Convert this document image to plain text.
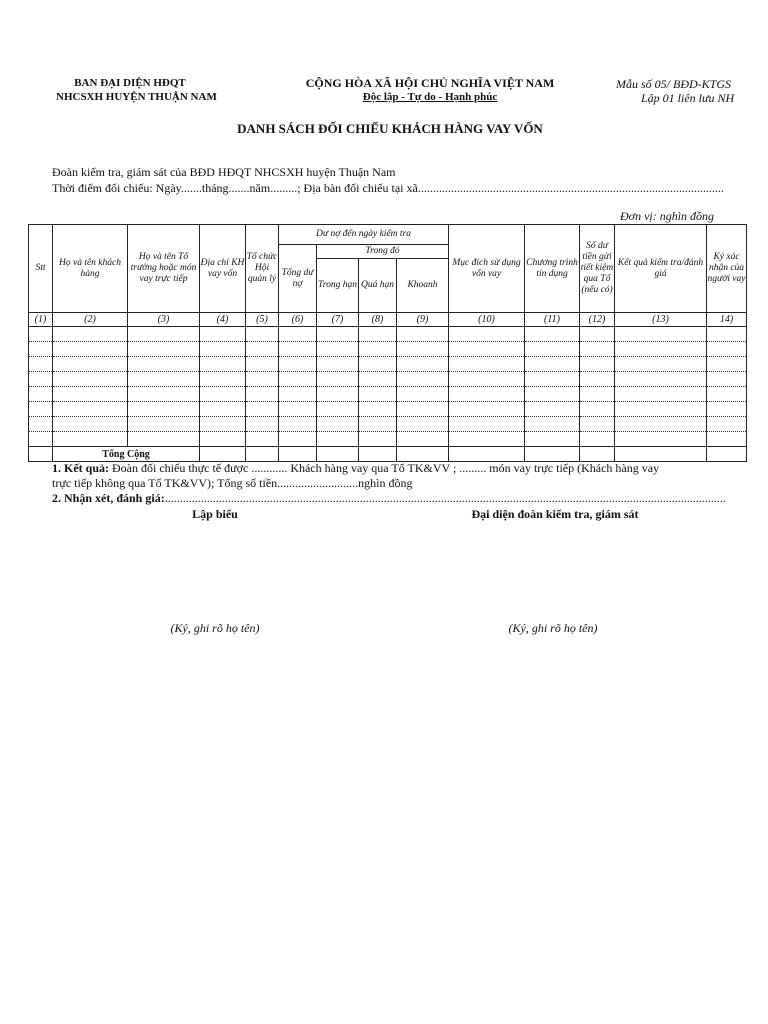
BAN ĐẠI DIỆN HĐQT
NHCSXH HUYỆN THUẬN NAM
CỘNG HÒA XÃ HỘI CHỦ NGHĨA VIỆT NAM
Độc lập - Tự do - Hạnh phúc
Mẫu số 05/ BĐD-KTGS
Lập 01 liên lưu NH
DANH SÁCH ĐỐI CHIẾU KHÁCH HÀNG VAY VỐN
Đoàn kiểm tra, giám sát của BĐD HĐQT NHCSXH huyện Thuận Nam
Thời điểm đối chiếu: Ngày.......tháng.......năm.........; Địa bàn đối chiếu tại xã......................................................................................................
Đơn vị: nghìn đồng
Stt	Họ và tên khách hàng	Họ và tên Tổ trưởng hoặc món vay trực tiếp	Địa chỉ KH vay vốn	Tổ chức Hội quản lý	Dư nợ đến ngày kiểm tra				Mục đích sử dụng vốn vay	Chương trình tín dụng	Số dư tiền gửi tiết kiệm qua Tổ (nếu có)	Kết quả kiểm tra/đánh giá	Ký xác nhận của người vay
					Tổng dư nợ	Trong đó							
						Trong hạn	Quá hạn	Khoanh					
(1)	(2)	(3)	(4)	(5)	(6)	(7)	(8)	(9)	(10)	(11)	(12)	(13)	14)

	Tổng Cộng												
1. Kết quả: Đoàn đối chiếu thực tế được ............ Khách hàng vay qua Tổ TK&VV ; ......... món vay trực tiếp (Khách hàng vay
trực tiếp không qua Tổ TK&VV); Tổng số tiền...........................nghìn đồng
2. Nhận xét, đánh giá:...........................................................................................................................................................................................
Lập biểu	Đại diện đoàn kiểm tra, giám sát
(Ký, ghi rõ họ tên)	(Ký, ghi rõ họ tên)
